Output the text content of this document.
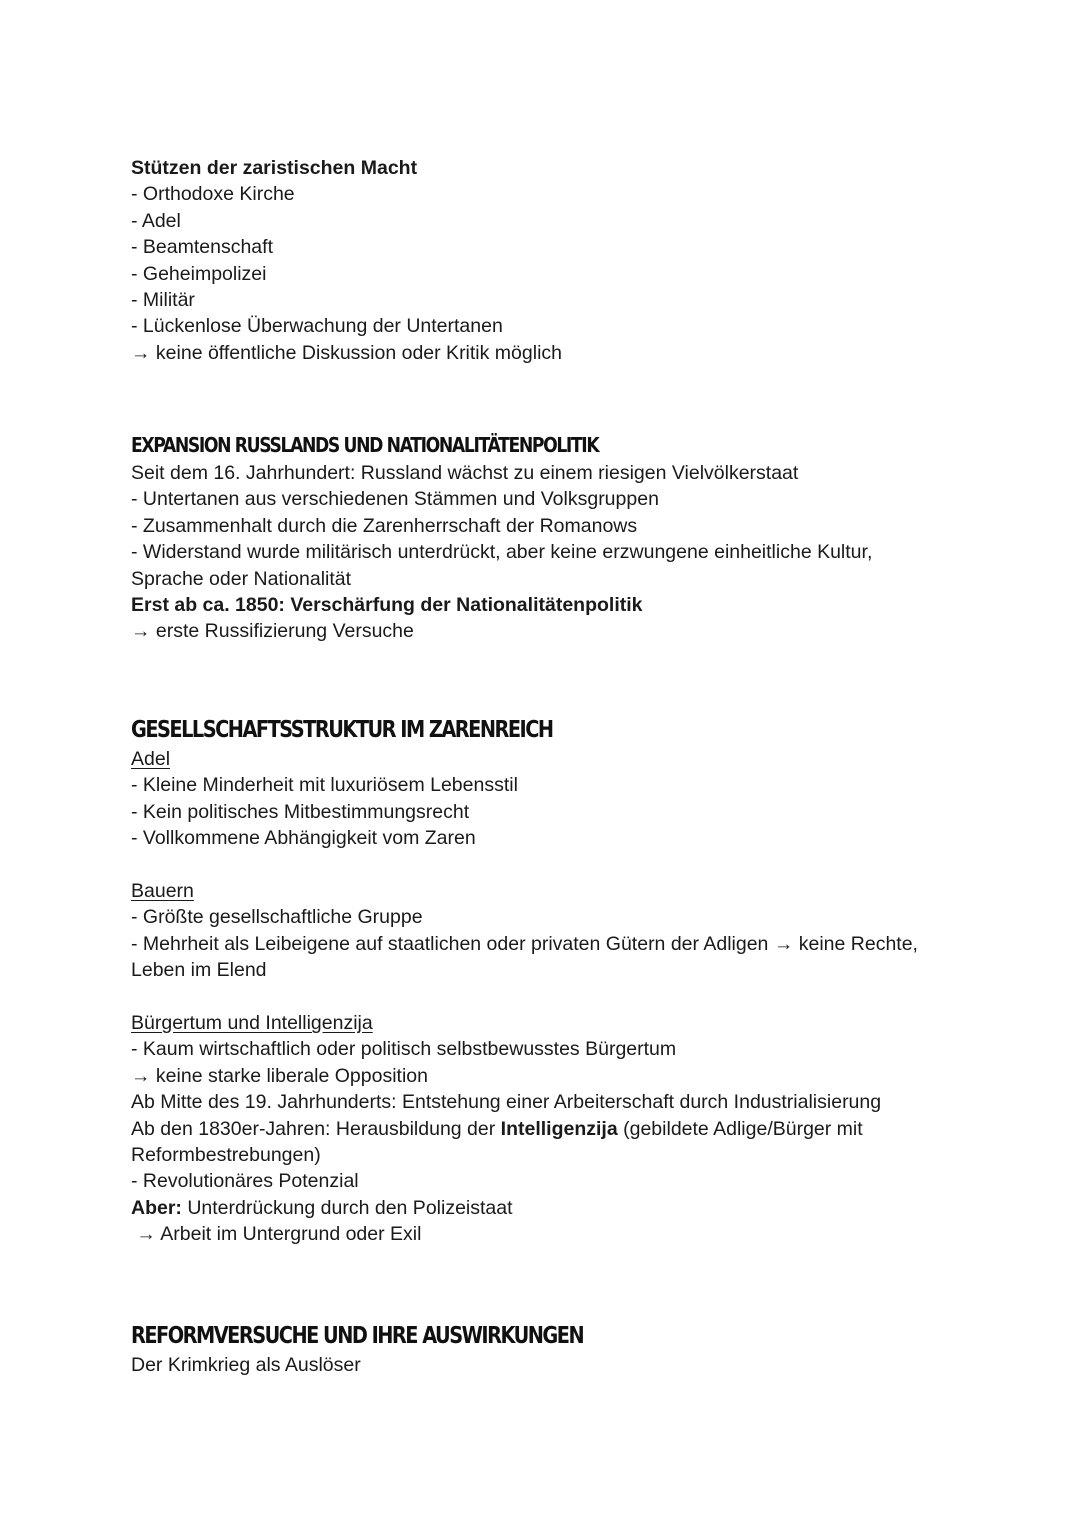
Stützen der zaristischen Macht
- Orthodoxe Kirche
- Adel
- Beamtenschaft
- Geheimpolizei
- Militär
- Lückenlose Überwachung der Untertanen
→ keine öffentliche Diskussion oder Kritik möglich
EXPANSION RUSSLANDS UND NATIONALITÄTENPOLITIK
Seit dem 16. Jahrhundert: Russland wächst zu einem riesigen Vielvölkerstaat
- Untertanen aus verschiedenen Stämmen und Volksgruppen
- Zusammenhalt durch die Zarenherrschaft der Romanows
- Widerstand wurde militärisch unterdrückt, aber keine erzwungene einheitliche Kultur,
Sprache oder Nationalität
Erst ab ca. 1850: Verschärfung der Nationalitätenpolitik
→ erste Russifizierung Versuche
GESELLSCHAFTSSTRUKTUR IM ZARENREICH
Adel
- Kleine Minderheit mit luxuriösem Lebensstil
- Kein politisches Mitbestimmungsrecht
- Vollkommene Abhängigkeit vom Zaren
Bauern
- Größte gesellschaftliche Gruppe
- Mehrheit als Leibeigene auf staatlichen oder privaten Gütern der Adligen → keine Rechte,
Leben im Elend
Bürgertum und Intelligenzija
- Kaum wirtschaftlich oder politisch selbstbewusstes Bürgertum
→ keine starke liberale Opposition
Ab Mitte des 19. Jahrhunderts: Entstehung einer Arbeiterschaft durch Industrialisierung
Ab den 1830er-Jahren: Herausbildung der Intelligenzija (gebildete Adlige/Bürger mit
Reformbestrebungen)
- Revolutionäres Potenzial
Aber: Unterdrückung durch den Polizeistaat
→ Arbeit im Untergrund oder Exil
REFORMVERSUCHE UND IHRE AUSWIRKUNGEN
Der Krimkrieg als Auslöser
